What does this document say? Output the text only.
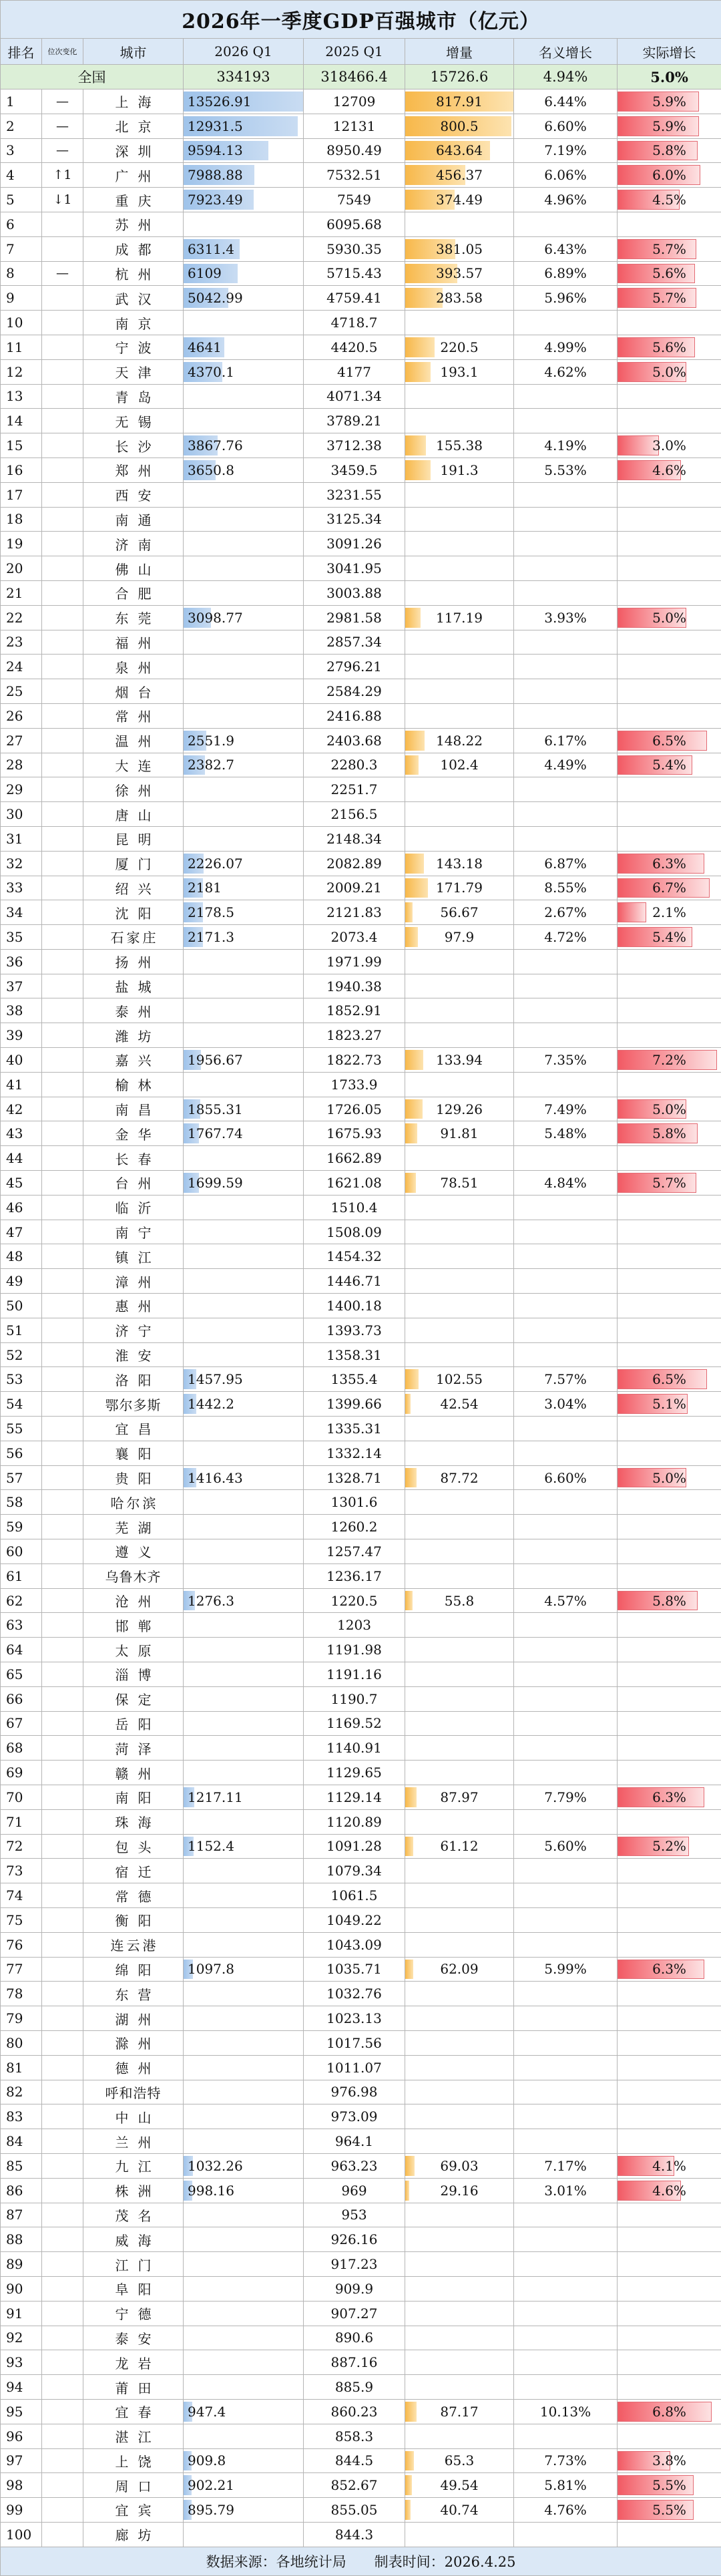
2026年一季度GDP百强城市（亿元）							
排名	位次变化	城市	2026 Q1	2025 Q1	增量	名义增长	实际增长
全国			334193	318466.4	15726.6	4.94%	5.0%
1	—	上海	13526.91	12709	817.91	6.44%	5.9%

2	—	北京	12931.5	12131	800.5	6.60%	5.9%

3	—	深圳	9594.13	8950.49	643.64	7.19%	5.8%

4	↑1	广州	7988.88	7532.51	456.37	6.06%	6.0%

5	↓1	重庆	7923.49	7549	374.49	4.96%	4.5%

6		苏州		6095.68	

7		成都	6311.4	5930.35	381.05	6.43%	5.7%

8	—	杭州	6109	5715.43	393.57	6.89%	5.6%

9		武汉	5042.99	4759.41	283.58	5.96%	5.7%

10		南京		4718.7	

11		宁波	4641	4420.5	220.5	4.99%	5.6%

12		天津	4370.1	4177	193.1	4.62%	5.0%

13		青岛		4071.34	

14		无锡		3789.21	

15		长沙	3867.76	3712.38	155.38	4.19%	3.0%

16		郑州	3650.8	3459.5	191.3	5.53%	4.6%

17		西安		3231.55	

18		南通		3125.34	

19		济南		3091.26	

20		佛山		3041.95	

21		合肥		3003.88	

22		东莞	3098.77	2981.58	117.19	3.93%	5.0%

23		福州		2857.34	

24		泉州		2796.21	

25		烟台		2584.29	

26		常州		2416.88	

27		温州	2551.9	2403.68	148.22	6.17%	6.5%

28		大连	2382.7	2280.3	102.4	4.49%	5.4%

29		徐州		2251.7	

30		唐山		2156.5	

31		昆明		2148.34	

32		厦门	2226.07	2082.89	143.18	6.87%	6.3%

33		绍兴	2181	2009.21	171.79	8.55%	6.7%

34		沈阳	2178.5	2121.83	56.67	2.67%	2.1%

35		石家庄	2171.3	2073.4	97.9	4.72%	5.4%

36		扬州		1971.99	

37		盐城		1940.38	

38		泰州		1852.91	

39		潍坊		1823.27	

40		嘉兴	1956.67	1822.73	133.94	7.35%	7.2%

41		榆林		1733.9	

42		南昌	1855.31	1726.05	129.26	7.49%	5.0%

43		金华	1767.74	1675.93	91.81	5.48%	5.8%

44		长春		1662.89	

45		台州	1699.59	1621.08	78.51	4.84%	5.7%

46		临沂		1510.4	

47		南宁		1508.09	

48		镇江		1454.32	

49		漳州		1446.71	

50		惠州		1400.18	

51		济宁		1393.73	

52		淮安		1358.31	

53		洛阳	1457.95	1355.4	102.55	7.57%	6.5%

54		鄂尔多斯	1442.2	1399.66	42.54	3.04%	5.1%

55		宜昌		1335.31	

56		襄阳		1332.14	

57		贵阳	1416.43	1328.71	87.72	6.60%	5.0%

58		哈尔滨		1301.6	

59		芜湖		1260.2	

60		遵义		1257.47	

61		乌鲁木齐		1236.17	

62		沧州	1276.3	1220.5	55.8	4.57%	5.8%

63		邯郸		1203	

64		太原		1191.98	

65		淄博		1191.16	

66		保定		1190.7	

67		岳阳		1169.52	

68		菏泽		1140.91	

69		赣州		1129.65	

70		南阳	1217.11	1129.14	87.97	7.79%	6.3%

71		珠海		1120.89	

72		包头	1152.4	1091.28	61.12	5.60%	5.2%

73		宿迁		1079.34	

74		常德		1061.5	

75		衡阳		1049.22	

76		连云港		1043.09	

77		绵阳	1097.8	1035.71	62.09	5.99%	6.3%

78		东营		1032.76	

79		湖州		1023.13	

80		滁州		1017.56	

81		德州		1011.07	

82		呼和浩特		976.98	

83		中山		973.09	

84		兰州		964.1	

85		九江	1032.26	963.23	69.03	7.17%	4.1%

86		株洲	998.16	969	29.16	3.01%	4.6%

87		茂名		953	

88		威海		926.16	

89		江门		917.23	

90		阜阳		909.9	

91		宁德		907.27	

92		泰安		890.6	

93		龙岩		887.16	

94		莆田		885.9	

95		宜春	947.4	860.23	87.17	10.13%	6.8%

96		湛江		858.3	

97		上饶	909.8	844.5	65.3	7.73%	3.8%

98		周口	902.21	852.67	49.54	5.81%	5.5%

99		宜宾	895.79	855.05	40.74	4.76%	5.5%

100		廊坊		844.3	

数据来源：各地统计局　　制表时间：2026.4.25							
